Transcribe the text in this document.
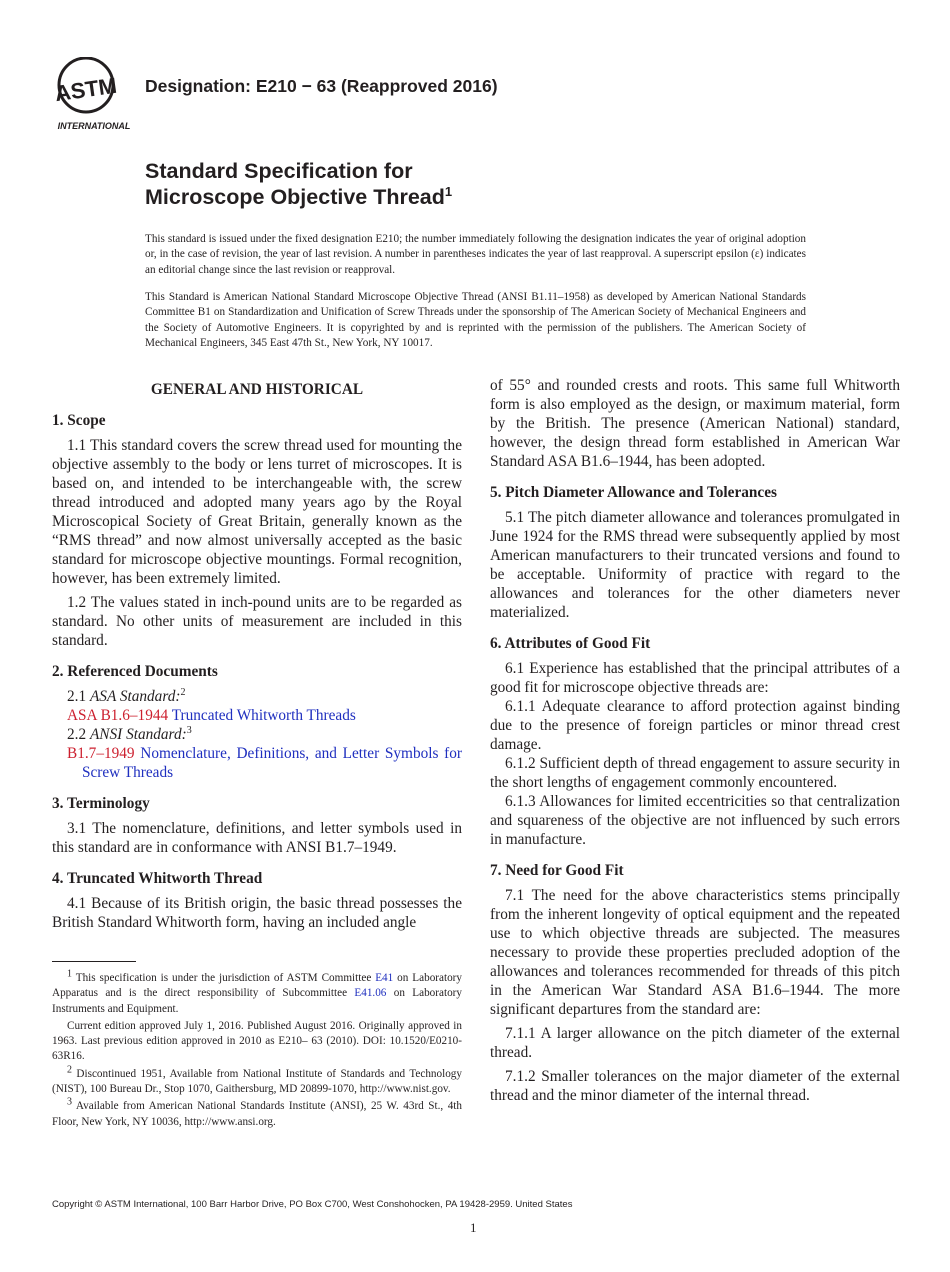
ASTM
INTERNATIONAL
Designation: E210 − 63 (Reapproved 2016)
Standard Specification for
Microscope Objective Thread$^1$
This standard is issued under the fixed designation E210; the number immediately following the designation indicates the year of original adoption or, in the case of revision, the year of last revision. A number in parentheses indicates the year of last reapproval. A superscript epsilon (ε) indicates an editorial change since the last revision or reapproval.
This Standard is American National Standard Microscope Objective Thread (ANSI B1.11–1958) as developed by American National Standards Committee B1 on Standardization and Unification of Screw Threads under the sponsorship of The American Society of Mechanical Engineers and the Society of Automotive Engineers. It is copyrighted by and is reprinted with the permission of the publishers. The American Society of Mechanical Engineers, 345 East 47th St., New York, NY 10017.
GENERAL AND HISTORICAL
1. Scope

1.1 This standard covers the screw thread used for mounting the objective assembly to the body or lens turret of microscopes. It is based on, and intended to be interchangeable with, the screw thread introduced and adopted many years ago by the Royal Microscopical Society of Great Britain, generally known as the “RMS thread” and now almost universally accepted as the basic standard for microscope objective mountings. Formal recognition, however, has been extremely limited.

1.2 The values stated in inch-pound units are to be regarded as standard. No other units of measurement are included in this standard.

2. Referenced Documents

2.1 ASA Standard:$^2$

ASA B1.6–1944 Truncated Whitworth Threads

2.2 ANSI Standard:$^3$

B1.7–1949 Nomenclature, Definitions, and Letter Symbols for Screw Threads

3. Terminology

3.1 The nomenclature, definitions, and letter symbols used in this standard are in conformance with ANSI B1.7–1949.

4. Truncated Whitworth Thread

4.1 Because of its British origin, the basic thread possesses the British Standard Whitworth form, having an included angle

of 55° and rounded crests and roots. This same full Whitworth form is also employed as the design, or maximum material, form by the British. The presence (American National) standard, however, the design thread form established in American War Standard ASA B1.6–1944, has been adopted.

5. Pitch Diameter Allowance and Tolerances

5.1 The pitch diameter allowance and tolerances promulgated in June 1924 for the RMS thread were subsequently applied by most American manufacturers to their truncated versions and found to be acceptable. Uniformity of practice with regard to the allowances and tolerances for the other diameters never materialized.

6. Attributes of Good Fit

6.1 Experience has established that the principal attributes of a good fit for microscope objective threads are:

6.1.1 Adequate clearance to afford protection against binding due to the presence of foreign particles or minor thread crest damage.

6.1.2 Sufficient depth of thread engagement to assure security in the short lengths of engagement commonly encountered.

6.1.3 Allowances for limited eccentricities so that centralization and squareness of the objective are not influenced by such errors in manufacture.

7. Need for Good Fit

7.1 The need for the above characteristics stems principally from the inherent longevity of optical equipment and the repeated use to which objective threads are subjected. The measures necessary to provide these properties precluded adoption of the allowances and tolerances recommended for threads of this pitch in the American War Standard ASA B1.6–1944. The more significant departures from the standard are:

7.1.1 A larger allowance on the pitch diameter of the external thread.

7.1.2 Smaller tolerances on the major diameter of the external thread and the minor diameter of the internal thread.

$^1$ This specification is under the jurisdiction of ASTM Committee E41 on Laboratory Apparatus and is the direct responsibility of Subcommittee E41.06 on Laboratory Instruments and Equipment.

Current edition approved July 1, 2016. Published August 2016. Originally approved in 1963. Last previous edition approved in 2010 as E210– 63 (2010). DOI: 10.1520/E0210-63R16.

$^2$ Discontinued 1951, Available from National Institute of Standards and Technology (NIST), 100 Bureau Dr., Stop 1070, Gaithersburg, MD 20899-1070, http://www.nist.gov.

$^3$ Available from American National Standards Institute (ANSI), 25 W. 43rd St., 4th Floor, New York, NY 10036, http://www.ansi.org.

Copyright © ASTM International, 100 Barr Harbor Drive, PO Box C700, West Conshohocken, PA 19428-2959. United States
1
